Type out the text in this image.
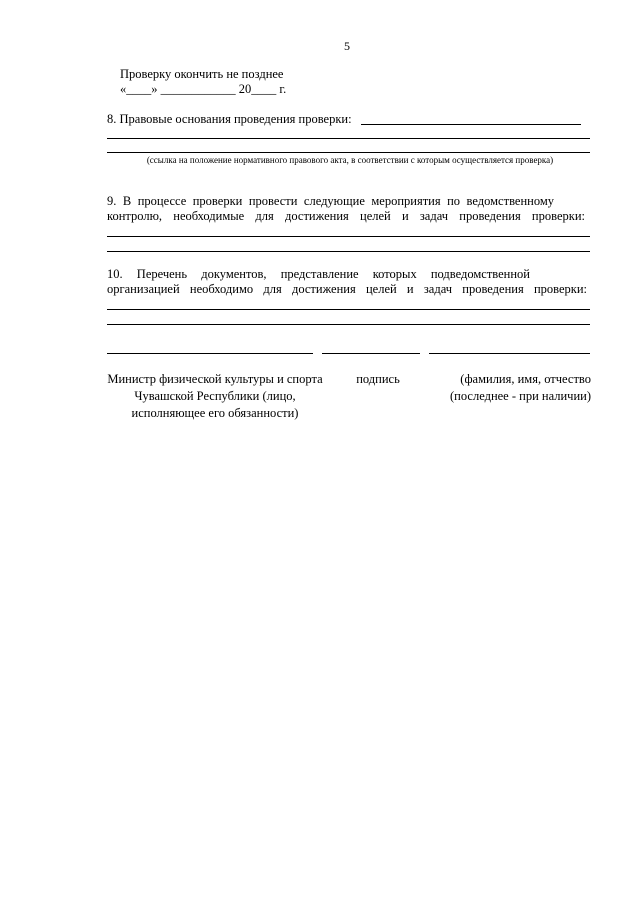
5
Проверку окончить не позднее
«____» ____________ 20____ г.
8. Правовые основания проведения проверки:
(ссылка на положение нормативного правового акта, в соответствии с которым осуществляется проверка)
9. В процессе проверки провести следующие мероприятия по ведомственному
контролю, необходимые для достижения целей и задач проведения проверки:
10. Перечень документов, представление которых подведомственной
организацией необходимо для достижения целей и задач проведения проверки:
Министр физической культуры и спорта Чувашской Республики (лицо, исполняющее его обязанности)
подпись	(фамилия, имя, отчество (последнее - при наличии)
